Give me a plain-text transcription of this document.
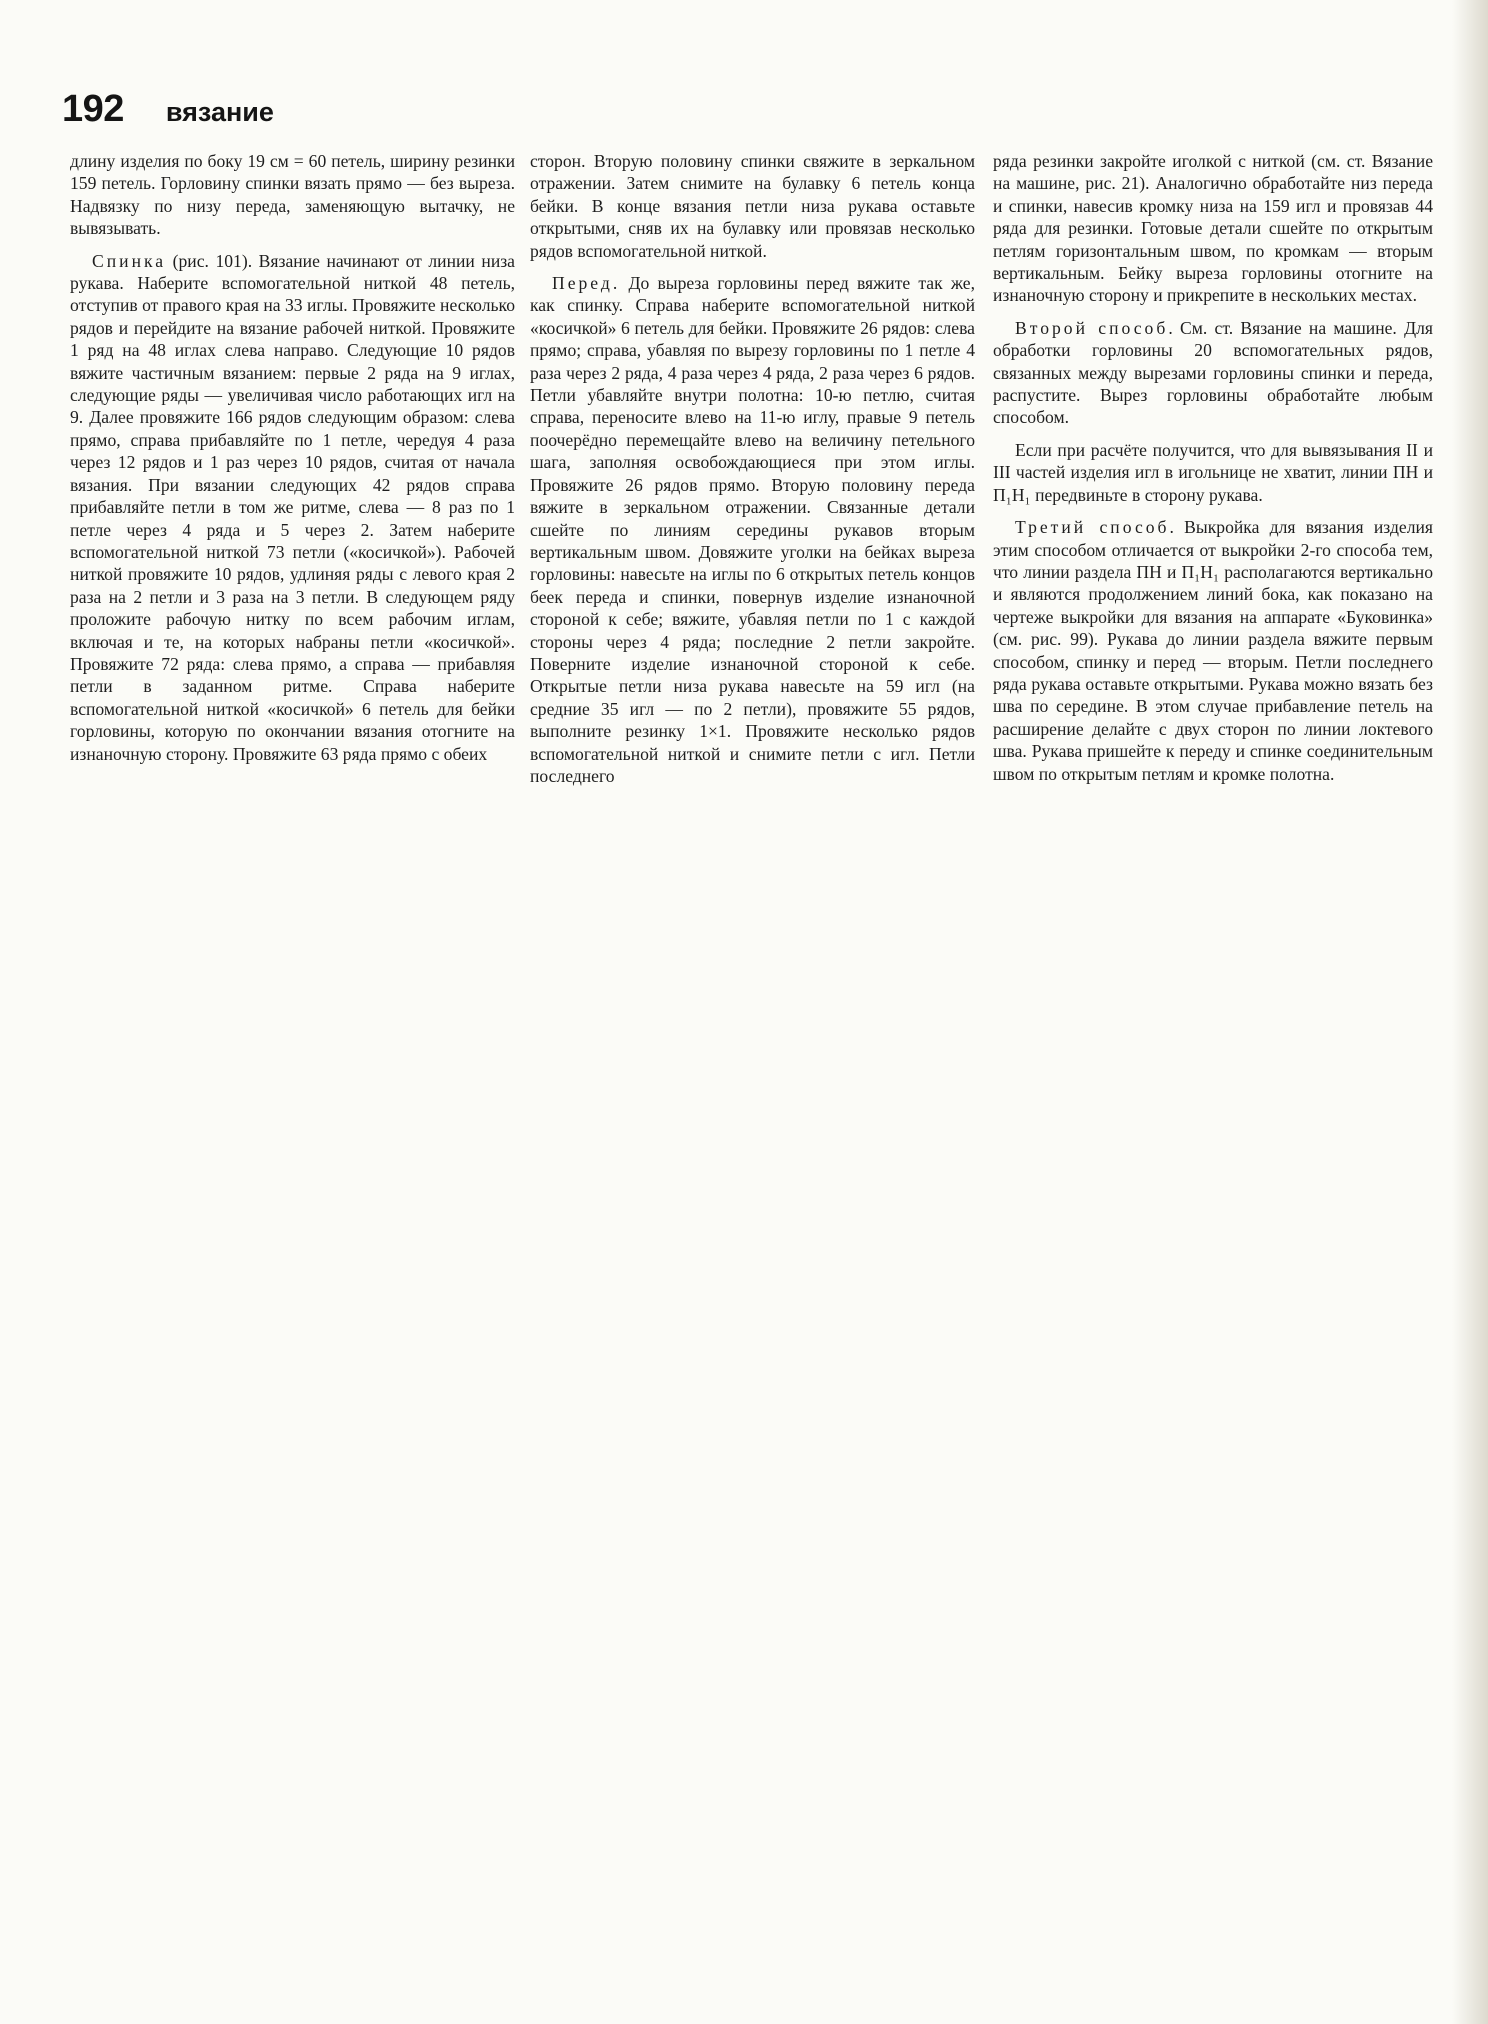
192 вязание

длину изделия по боку 19 см = 60 петель, ширину резинки 159 петель. Горловину спинки вязать прямо — без выреза. Надвязку по низу переда, заменяющую вытачку, не вывязывать.

Спинка (рис. 101). Вязание начинают от линии низа рукава. Наберите вспомогательной ниткой 48 петель, отступив от правого края на 33 иглы. Провяжите несколько рядов и перейдите на вязание рабочей ниткой. Провяжите 1 ряд на 48 иглах слева направо. Следующие 10 рядов вяжите частичным вязанием: первые 2 ряда на 9 иглах, следующие ряды — увеличивая число работающих игл на 9. Далее провяжите 166 рядов следующим образом: слева прямо, справа прибавляйте по 1 петле, чередуя 4 раза через 12 рядов и 1 раз через 10 рядов, считая от начала вязания. При вязании следующих 42 рядов справа прибавляйте петли в том же ритме, слева — 8 раз по 1 петле через 4 ряда и 5 через 2. Затем наберите вспомогательной ниткой 73 петли («косичкой»). Рабочей ниткой провяжите 10 рядов, удлиняя ряды с левого края 2 раза на 2 петли и 3 раза на 3 петли. В следующем ряду проложите рабочую нитку по всем рабочим иглам, включая и те, на которых набраны петли «косичкой». Провяжите 72 ряда: слева прямо, а справа — прибавляя петли в заданном ритме. Справа наберите вспомогательной ниткой «косичкой» 6 петель для бейки горловины, которую по окончании вязания отогните на изнаночную сторону. Провяжите 63 ряда прямо с обеих

сторон. Вторую половину спинки свяжите в зеркальном отражении. Затем снимите на булавку 6 петель конца бейки. В конце вязания петли низа рукава оставьте открытыми, сняв их на булавку или провязав несколько рядов вспомогательной ниткой.

Перед. До выреза горловины перед вяжите так же, как спинку. Справа наберите вспомогательной ниткой «косичкой» 6 петель для бейки. Провяжите 26 рядов: слева прямо; справа, убавляя по вырезу горловины по 1 петле 4 раза через 2 ряда, 4 раза через 4 ряда, 2 раза через 6 рядов. Петли убавляйте внутри полотна: 10-ю петлю, считая справа, переносите влево на 11-ю иглу, правые 9 петель поочерёдно перемещайте влево на величину петельного шага, заполняя освобождающиеся при этом иглы. Провяжите 26 рядов прямо. Вторую половину переда вяжите в зеркальном отражении. Связанные детали сшейте по линиям середины рукавов вторым вертикальным швом. Довяжите уголки на бейках выреза горловины: навесьте на иглы по 6 открытых петель концов беек переда и спинки, повернув изделие изнаночной стороной к себе; вяжите, убавляя петли по 1 с каждой стороны через 4 ряда; последние 2 петли закройте. Поверните изделие изнаночной стороной к себе. Открытые петли низа рукава навесьте на 59 игл (на средние 35 игл — по 2 петли), провяжите 55 рядов, выполните резинку 1×1. Провяжите несколько рядов вспомогательной ниткой и снимите петли с игл. Петли последнего

ряда резинки закройте иголкой с ниткой (см. ст. Вязание на машине, рис. 21). Аналогично обработайте низ переда и спинки, навесив кромку низа на 159 игл и провязав 44 ряда для резинки. Готовые детали сшейте по открытым петлям горизонтальным швом, по кромкам — вторым вертикальным. Бейку выреза горловины отогните на изнаночную сторону и прикрепите в нескольких местах.

Второй способ. См. ст. Вязание на машине. Для обработки горловины 20 вспомогательных рядов, связанных между вырезами горловины спинки и переда, распустите. Вырез горловины обработайте любым способом.

Если при расчёте получится, что для вывязывания II и III частей изделия игл в игольнице не хватит, линии ПН и П₁Н₁ передвиньте в сторону рукава.

Третий способ. Выкройка для вязания изделия этим способом отличается от выкройки 2-го способа тем, что линии раздела ПН и П₁Н₁ располагаются вертикально и являются продолжением линий бока, как показано на чертеже выкройки для вязания на аппарате «Буковинка» (см. рис. 99). Рукава до линии раздела вяжите первым способом, спинку и перед — вторым. Петли последнего ряда рукава оставьте открытыми. Рукава можно вязать без шва по середине. В этом случае прибавление петель на расширение делайте с двух сторон по линии локтевого шва. Рукава пришейте к переду и спинке соединительным швом по открытым петлям и кромке полотна.
